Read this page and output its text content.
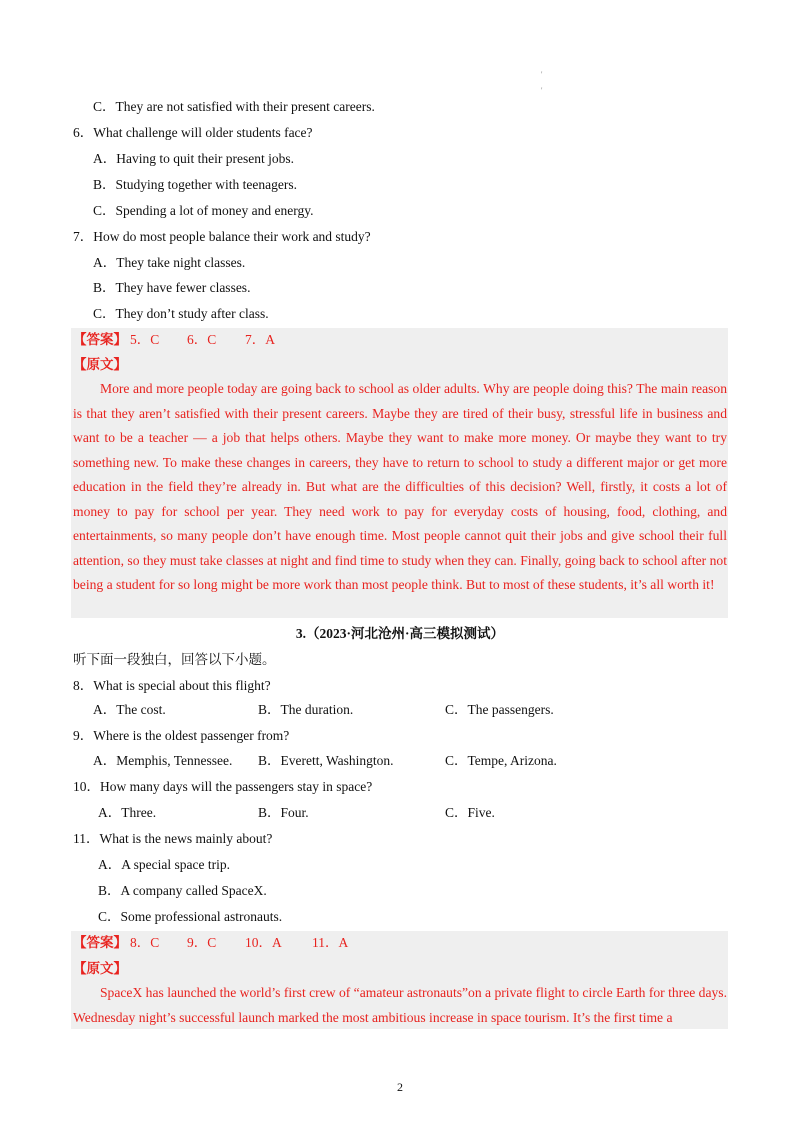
'
'
C．They are not satisfied with their present careers.
6．What challenge will older students face?
A．Having to quit their present jobs.
B．Studying together with teenagers.
C．Spending a lot of money and energy.
7．How do most people balance their work and study?
A．They take night classes.
B．They have fewer classes.
C．They don’t study after class.
【答案】 5．C 6．C 7．A
【原文】
More and more people today are going back to school as older adults. Why are people doing this? The main reason is that they aren’t satisfied with their present careers. Maybe they are tired of their busy, stressful life in business and want to be a teacher — a job that helps others. Maybe they want to make more money. Or maybe they want to try something new. To make these changes in careers, they have to return to school to study a different major or get more education in the field they’re already in. But what are the difficulties of this decision? Well, firstly, it costs a lot of money to pay for school per year. They need work to pay for everyday costs of housing, food, clothing, and entertainments, so many people don’t have enough time. Most people cannot quit their jobs and give school their full attention, so they must take classes at night and find time to study when they can. Finally, going back to school after not being a student for so long might be more work than most people think. But to most of these students, it’s all worth it!
3.（2023·河北沧州·高三模拟测试）
听下面一段独白，回答以下小题。
8．What is special about this flight?
A．The cost.	B．The duration.	C．The passengers.
9．Where is the oldest passenger from?
A．Memphis, Tennessee. B．Everett, Washington.	C．Tempe, Arizona.
10．How many days will the passengers stay in space?
A．Three.	B．Four.	C．Five.
11．What is the news mainly about?
A．A special space trip.
B．A company called SpaceX.
C．Some professional astronauts.
【答案】 8．C 9．C 10．A 11．A
【原文】
SpaceX has launched the world’s first crew of “amateur astronauts”on a private flight to circle Earth for three days. Wednesday night’s successful launch marked the most ambitious increase in space tourism. It’s the first time a
2
